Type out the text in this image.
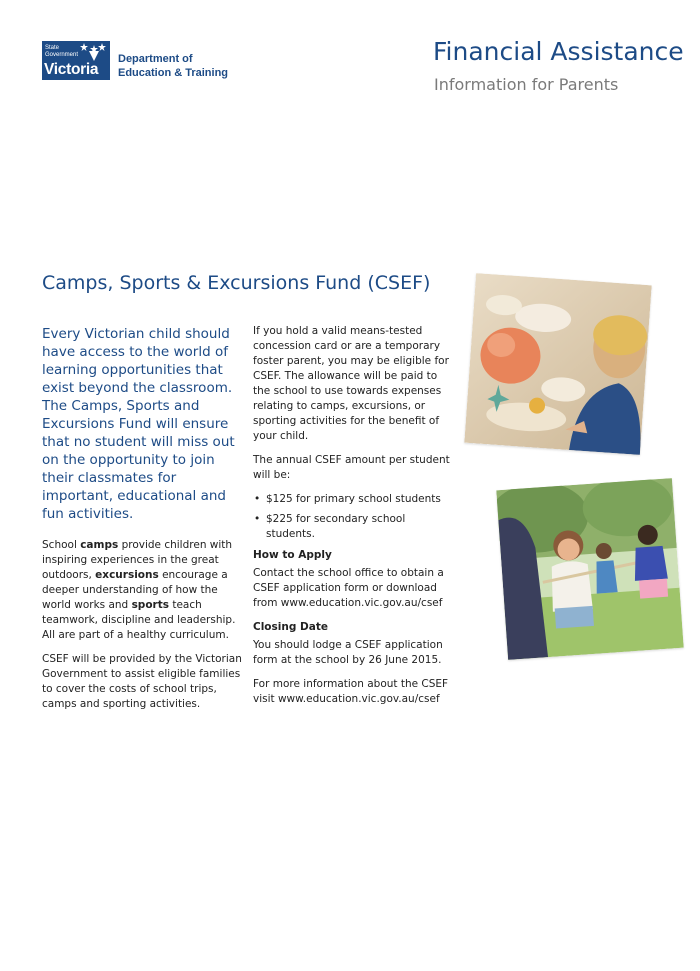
State
Government
Victoria
Department of Education & Training
Financial Assistance
Information for Parents
Camps, Sports & Excursions Fund (CSEF)

Every Victorian child should have access to the world of learning opportunities that exist beyond the classroom. The Camps, Sports and Excursions Fund will ensure that no student will miss out on the opportunity to join their classmates for important, educational and fun activities.

School camps provide children with inspiring experiences in the great outdoors, excursions encourage a deeper understanding of how the world works and sports teach teamwork, discipline and leadership. All are part of a healthy curriculum.

CSEF will be provided by the Victorian Government to assist eligible families to cover the costs of school trips, camps and sporting activities.

If you hold a valid means-tested concession card or are a temporary foster parent, you may be eligible for CSEF. The allowance will be paid to the school to use towards expenses relating to camps, excursions, or sporting activities for the benefit of your child.

The annual CSEF amount per student will be:

• $125 for primary school students
• $225 for secondary school students.
How to Apply

Contact the school office to obtain a CSEF application form or download from www.education.vic.gov.au/csef

Closing Date

You should lodge a CSEF application form at the school by 26 June 2015.

For more information about the CSEF visit www.education.vic.gov.au/csef
